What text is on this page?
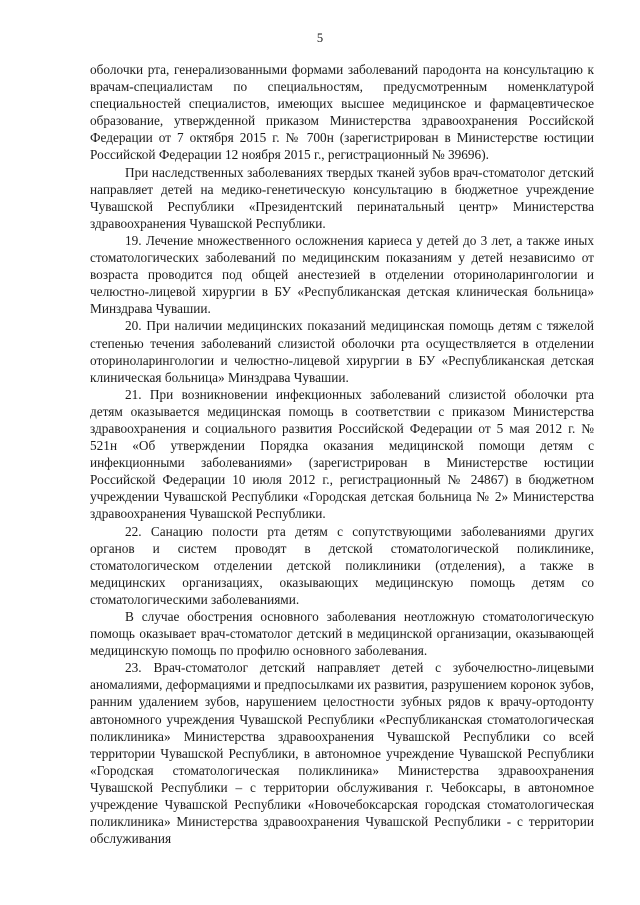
5

оболочки рта, генерализованными формами заболеваний пародонта на консультацию к врачам-специалистам по специальностям, предусмотренным номенклатурой специальностей специалистов, имеющих высшее медицинское и фармацевтическое образование, утвержденной приказом Министерства здравоохранения Российской Федерации от 7 октября 2015 г. № 700н (зарегистрирован в Министерстве юстиции Российской Федерации 12 ноября 2015 г., регистрационный № 39696).

При наследственных заболеваниях твердых тканей зубов врач-стоматолог детский направляет детей на медико-генетическую консультацию в бюджетное учреждение Чувашской Республики «Президентский перинатальный центр» Министерства здравоохранения Чувашской Республики.

19. Лечение множественного осложнения кариеса у детей до 3 лет, а также иных стоматологических заболеваний по медицинским показаниям у детей независимо от возраста проводится под общей анестезией в отделении оториноларингологии и челюстно-лицевой хирургии в БУ «Республиканская детская клиническая больница» Минздрава Чувашии.

20. При наличии медицинских показаний медицинская помощь детям с тяжелой степенью течения заболеваний слизистой оболочки рта осуществляется в отделении оториноларингологии и челюстно-лицевой хирургии в БУ «Республиканская детская клиническая больница» Минздрава Чувашии.

21. При возникновении инфекционных заболеваний слизистой оболочки рта детям оказывается медицинская помощь в соответствии с приказом Министерства здравоохранения и социального развития Российской Федерации от 5 мая 2012 г. № 521н «Об утверждении Порядка оказания медицинской помощи детям с инфекционными заболеваниями» (зарегистрирован в Министерстве юстиции Российской Федерации 10 июля 2012 г., регистрационный № 24867) в бюджетном учреждении Чувашской Республики «Городская детская больница № 2» Министерства здравоохранения Чувашской Республики.

22. Санацию полости рта детям с сопутствующими заболеваниями других органов и систем проводят в детской стоматологической поликлинике, стоматологическом отделении детской поликлиники (отделения), а также в медицинских организациях, оказывающих медицинскую помощь детям со стоматологическими заболеваниями.

В случае обострения основного заболевания неотложную стоматологическую помощь оказывает врач-стоматолог детский в медицинской организации, оказывающей медицинскую помощь по профилю основного заболевания.

23. Врач-стоматолог детский направляет детей с зубочелюстно-лицевыми аномалиями, деформациями и предпосылками их развития, разрушением коронок зубов, ранним удалением зубов, нарушением целостности зубных рядов к врачу-ортодонту автономного учреждения Чувашской Республики «Республиканская стоматологическая поликлиника» Министерства здравоохранения Чувашской Республики со всей территории Чувашской Республики, в автономное учреждение Чувашской Республики «Городская стоматологическая поликлиника» Министерства здравоохранения Чувашской Республики – с территории обслуживания г. Чебоксары, в автономное учреждение Чувашской Республики «Новочебоксарская городская стоматологическая поликлиника» Министерства здравоохранения Чувашской Республики - с территории обслуживания
